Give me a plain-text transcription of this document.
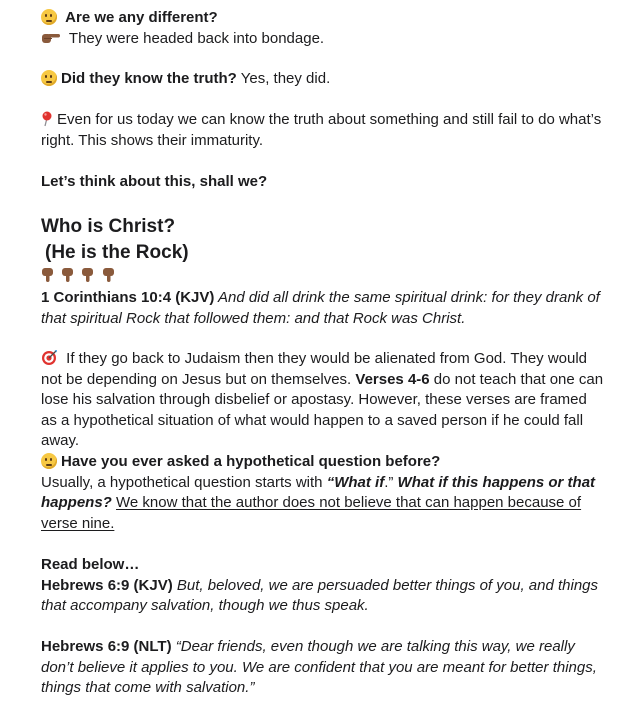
Are we any different?
They were headed back into bondage.
Did they know the truth? Yes, they did.
Even for us today we can know the truth about something and still fail to do what’s right. This shows their immaturity.
Let’s think about this, shall we?
Who is Christ?
(He is the Rock)

1 Corinthians 10:4 (KJV) And did all drink the same spiritual drink: for they drank of that spiritual Rock that followed them: and that Rock was Christ.
If they go back to Judaism then they would be alienated from God. They would not be depending on Jesus but on themselves. Verses 4-6 do not teach that one can lose his salvation through disbelief or apostasy. However, these verses are framed as a hypothetical situation of what would happen to a saved person if he could fall away.
Have you ever asked a hypothetical question before?
Usually, a hypothetical question starts with “What if.” What if this happens or that happens? We know that the author does not believe that can happen because of verse nine.
Read below…
Hebrews 6:9 (KJV) But, beloved, we are persuaded better things of you, and things that accompany salvation, though we thus speak.
Hebrews 6:9 (NLT) “Dear friends, even though we are talking this way, we really don’t believe it applies to you. We are confident that you are meant for better things, things that come with salvation.”
